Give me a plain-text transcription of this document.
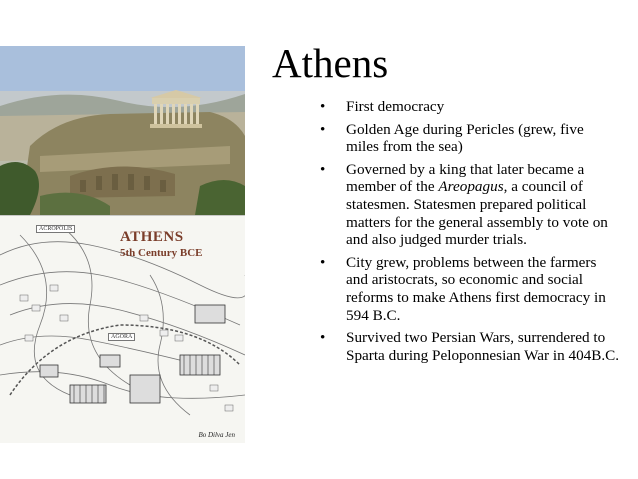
ATHENS
5th Century BCE
ACROPOLIS
AGORA
Bo Dilva Jen
Athens
• First democracy
• Golden Age during Pericles (grew, five miles from the sea)
• Governed by a king that later became a member of the Areopagus, a council of statesmen. Statesmen prepared political matters for the general assembly to vote on and also judged murder trials.
• City grew, problems between the farmers and aristocrats, so economic and social reforms to make Athens first democracy in 594 B.C.
• Survived two Persian Wars, surrendered to Sparta during Peloponnesian War in 404B.C.
